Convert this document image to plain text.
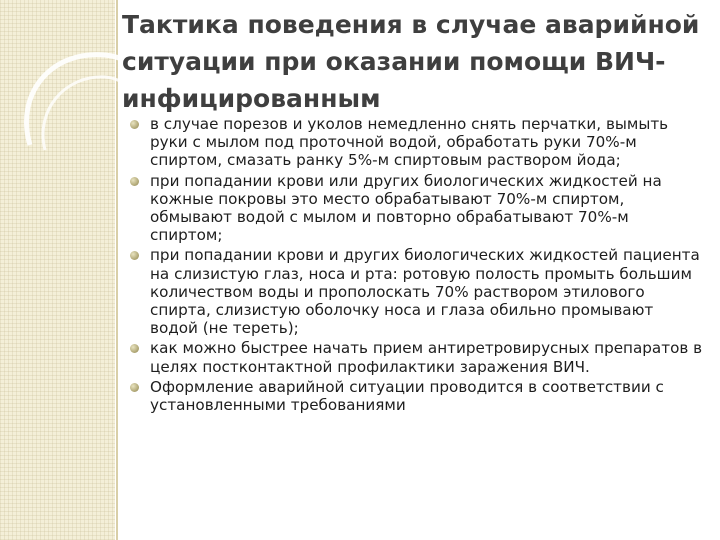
Тактика поведения в случае аварийной ситуации при оказании помощи ВИЧ-инфицированным
в случае порезов и уколов немедленно снять перчатки, вымыть руки с мылом под проточной водой, обработать руки 70%-м спиртом, смазать ранку 5%-м спиртовым раствором йода;
при попадании крови или других биологических жидкостей на кожные покровы это место обрабатывают 70%-м спиртом, обмывают водой с мылом и повторно обрабатывают 70%-м спиртом;
при попадании крови и других биологических жидкостей пациента на слизистую глаз, носа и рта: ротовую полость промыть большим количеством воды и прополоскать 70% раствором этилового спирта, слизистую оболочку носа и глаза обильно промывают водой (не тереть);
как можно быстрее начать прием антиретровирусных препаратов в целях постконтактной профилактики заражения ВИЧ.
Оформление аварийной ситуации проводится в соответствии с установленными требованиями
